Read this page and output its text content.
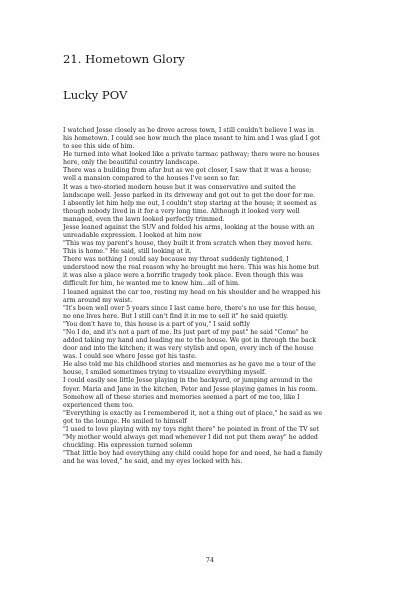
21. Hometown Glory
Lucky POV

I watched Jesse closely as he drove across town, I still couldn't believe I was in

his hometown. I could see how much the place meant to him and I was glad I got

to see this side of him.

He turned into what looked like a private tarmac pathway; there were no houses

here, only the beautiful country landscape.

There was a building from afar but as we got closer, I saw that it was a house;

well a mansion compared to the houses I've seen so far.

It was a two-storied modern house but it was conservative and suited the

landscape well. Jesse parked in its driveway and got out to get the door for me.

I absently let him help me out, I couldn't stop staring at the house; it seemed as

though nobody lived in it for a very long time. Although it looked very well

managed, even the lawn looked perfectly trimmed.

Jesse leaned against the SUV and folded his arms, looking at the house with an

unreadable expression. I looked at him now

"This was my parent's house, they built it from scratch when they moved here.

This is home." He said, still looking at it.

There was nothing I could say because my throat suddenly tightened, I

understood now the real reason why he brought me here. This was his home but

it was also a place were a horrific tragedy took place. Even though this was

difficult for him, he wanted me to know him...all of him.

I leaned against the car too, resting my head on his shoulder and he wrapped his

arm around my waist.

"It's been well over 5 years since I last came here, there's no use for this house,

no one lives here. But I still can't find it in me to sell it" he said quietly.

"You don't have to, this house is a part of you," I said softly

"No I do, and it's not a part of me. Its just part of my past" he said "Come" he

added taking my hand and leading me to the house. We got in through the back

door and into the kitchen; it was very stylish and open, every inch of the house

was. I could see where Jesse got his taste.

He also told me his childhood stories and memories as he gave me a tour of the

house, I smiled sometimes trying to visualize everything myself.

I could easily see little Jesse playing in the backyard, or jumping around in the

foyer. Maria and Jane in the kitchen, Peter and Jesse playing games in his room.

Somehow all of these stories and memories seemed a part of me too, like I

experienced them too.

"Everything is exactly as I remembered it, not a thing out of place," he said as we

got to the lounge. He smiled to himself

"I used to love playing with my toys right there" he pointed in front of the TV set

"My mother would always get mad whenever I did not put them away" he added

chuckling. His expression turned solemn

"That little boy had everything any child could hope for and need, he had a family

and he was loved," he said, and my eyes locked with his.

74
